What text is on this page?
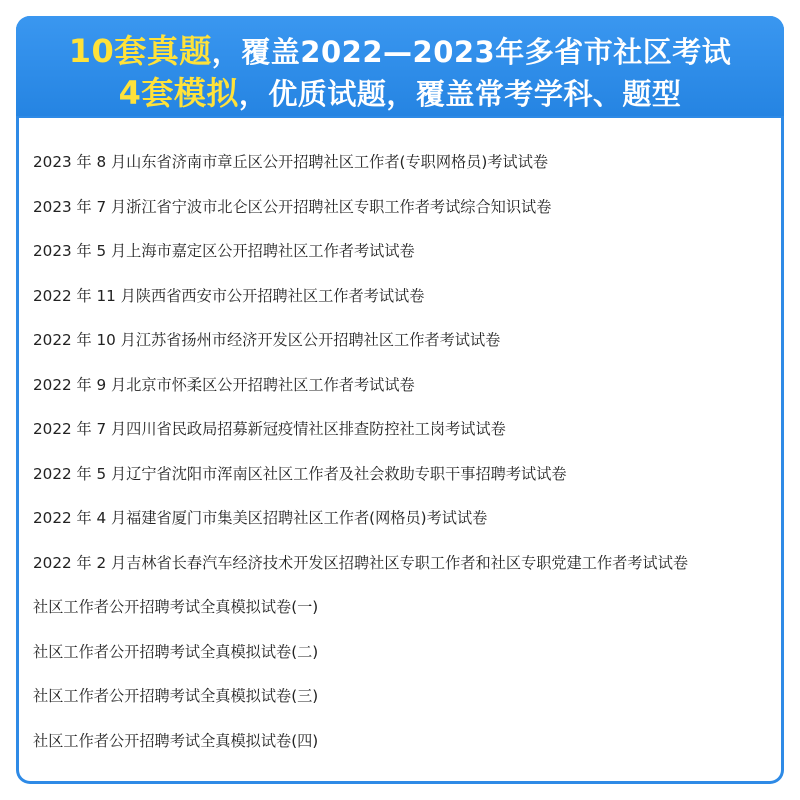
10套真题，覆盖2022—2023年多省市社区考试
4套模拟，优质试题，覆盖常考学科、题型
2023 年 8 月山东省济南市章丘区公开招聘社区工作者(专职网格员)考试试卷
2023 年 7 月浙江省宁波市北仑区公开招聘社区专职工作者考试综合知识试卷
2023 年 5 月上海市嘉定区公开招聘社区工作者考试试卷
2022 年 11 月陕西省西安市公开招聘社区工作者考试试卷
2022 年 10 月江苏省扬州市经济开发区公开招聘社区工作者考试试卷
2022 年 9 月北京市怀柔区公开招聘社区工作者考试试卷
2022 年 7 月四川省民政局招募新冠疫情社区排查防控社工岗考试试卷
2022 年 5 月辽宁省沈阳市浑南区社区工作者及社会救助专职干事招聘考试试卷
2022 年 4 月福建省厦门市集美区招聘社区工作者(网格员)考试试卷
2022 年 2 月吉林省长春汽车经济技术开发区招聘社区专职工作者和社区专职党建工作者考试试卷
社区工作者公开招聘考试全真模拟试卷(一)
社区工作者公开招聘考试全真模拟试卷(二)
社区工作者公开招聘考试全真模拟试卷(三)
社区工作者公开招聘考试全真模拟试卷(四)
